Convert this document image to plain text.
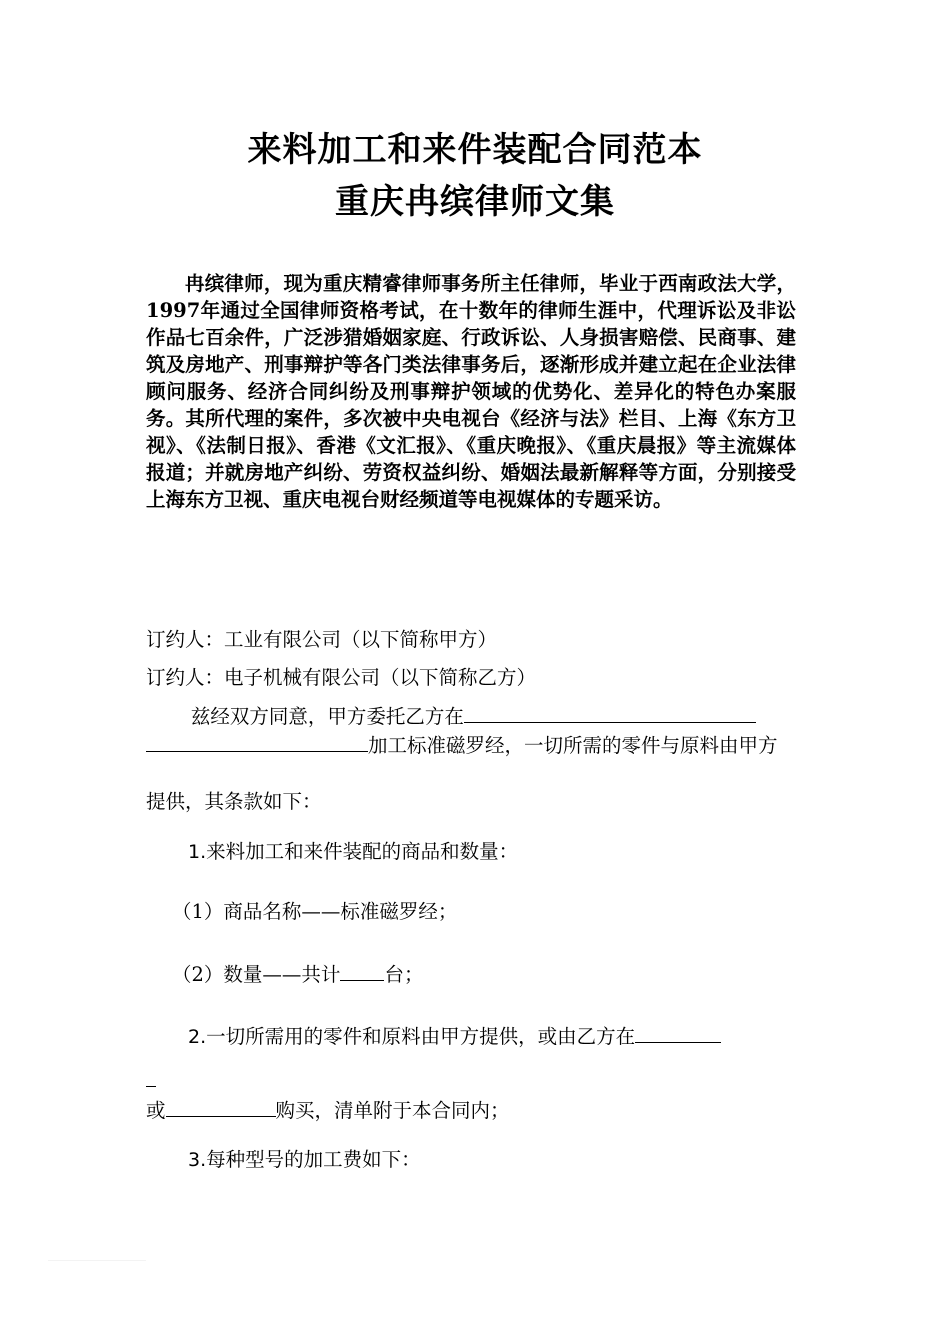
来料加工和来件装配合同范本
重庆冉缤律师文集
冉缤律师，现为重庆精睿律师事务所主任律师，毕业于西南政法大学，1997年通过全国律师资格考试，在十数年的律师生涯中，代理诉讼及非讼作品七百余件，广泛涉猎婚姻家庭、行政诉讼、人身损害赔偿、民商事、建筑及房地产、刑事辩护等各门类法律事务后，逐渐形成并建立起在企业法律顾问服务、经济合同纠纷及刑事辩护领域的优势化、差异化的特色办案服务。其所代理的案件，多次被中央电视台《经济与法》栏目、上海《东方卫视》、《法制日报》、香港《文汇报》、《重庆晚报》、《重庆晨报》等主流媒体报道；并就房地产纠纷、劳资权益纠纷、婚姻法最新解释等方面，分别接受上海东方卫视、重庆电视台财经频道等电视媒体的专题采访。
订约人：工业有限公司（以下简称甲方）
订约人：电子机械有限公司（以下简称乙方）
兹经双方同意，甲方委托乙方在加工标准磁罗经，一切所需的零件与原料由甲方
提供，其条款如下：
1.来料加工和来件装配的商品和数量：
（1）商品名称——标准磁罗经；
（2）数量——共计 台；
2.一切所需用的零件和原料由甲方提供，或由乙方在
或	购买，清单附于本合同内；
3.每种型号的加工费如下：
